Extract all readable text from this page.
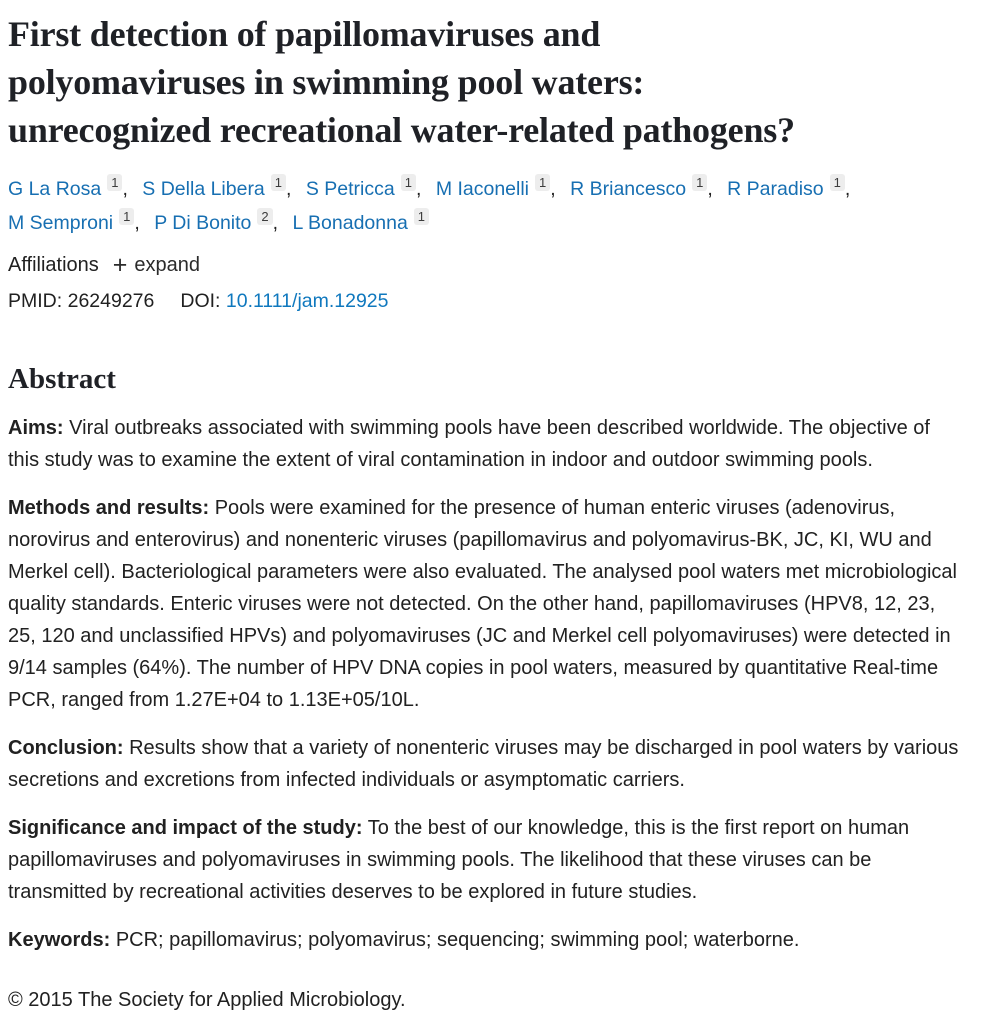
First detection of papillomaviruses and
polyomaviruses in swimming pool waters:
unrecognized recreational water-related pathogens?
G La Rosa 1 , S Della Libera 1 , S Petricca 1 , M Iaconelli 1 , R Briancesco 1 , R Paradiso 1 , M Semproni 1 , P Di Bonito 2 , L Bonadonna 1
Affiliations + expand
PMID: 26249276 DOI: 10.1111/jam.12925
Abstract

Aims: Viral outbreaks associated with swimming pools have been described worldwide. The objective of this study was to examine the extent of viral contamination in indoor and outdoor swimming pools.

Methods and results: Pools were examined for the presence of human enteric viruses (adenovirus, norovirus and enterovirus) and nonenteric viruses (papillomavirus and polyomavirus-BK, JC, KI, WU and Merkel cell). Bacteriological parameters were also evaluated. The analysed pool waters met microbiological quality standards. Enteric viruses were not detected. On the other hand, papillomaviruses (HPV8, 12, 23, 25, 120 and unclassified HPVs) and polyomaviruses (JC and Merkel cell polyomaviruses) were detected in 9/14 samples (64%). The number of HPV DNA copies in pool waters, measured by quantitative Real-time PCR, ranged from 1.27E+04 to 1.13E+05/10L.

Conclusion: Results show that a variety of nonenteric viruses may be discharged in pool waters by various secretions and excretions from infected individuals or asymptomatic carriers.

Significance and impact of the study: To the best of our knowledge, this is the first report on human papillomaviruses and polyomaviruses in swimming pools. The likelihood that these viruses can be transmitted by recreational activities deserves to be explored in future studies.

Keywords: PCR; papillomavirus; polyomavirus; sequencing; swimming pool; waterborne.

© 2015 The Society for Applied Microbiology.
